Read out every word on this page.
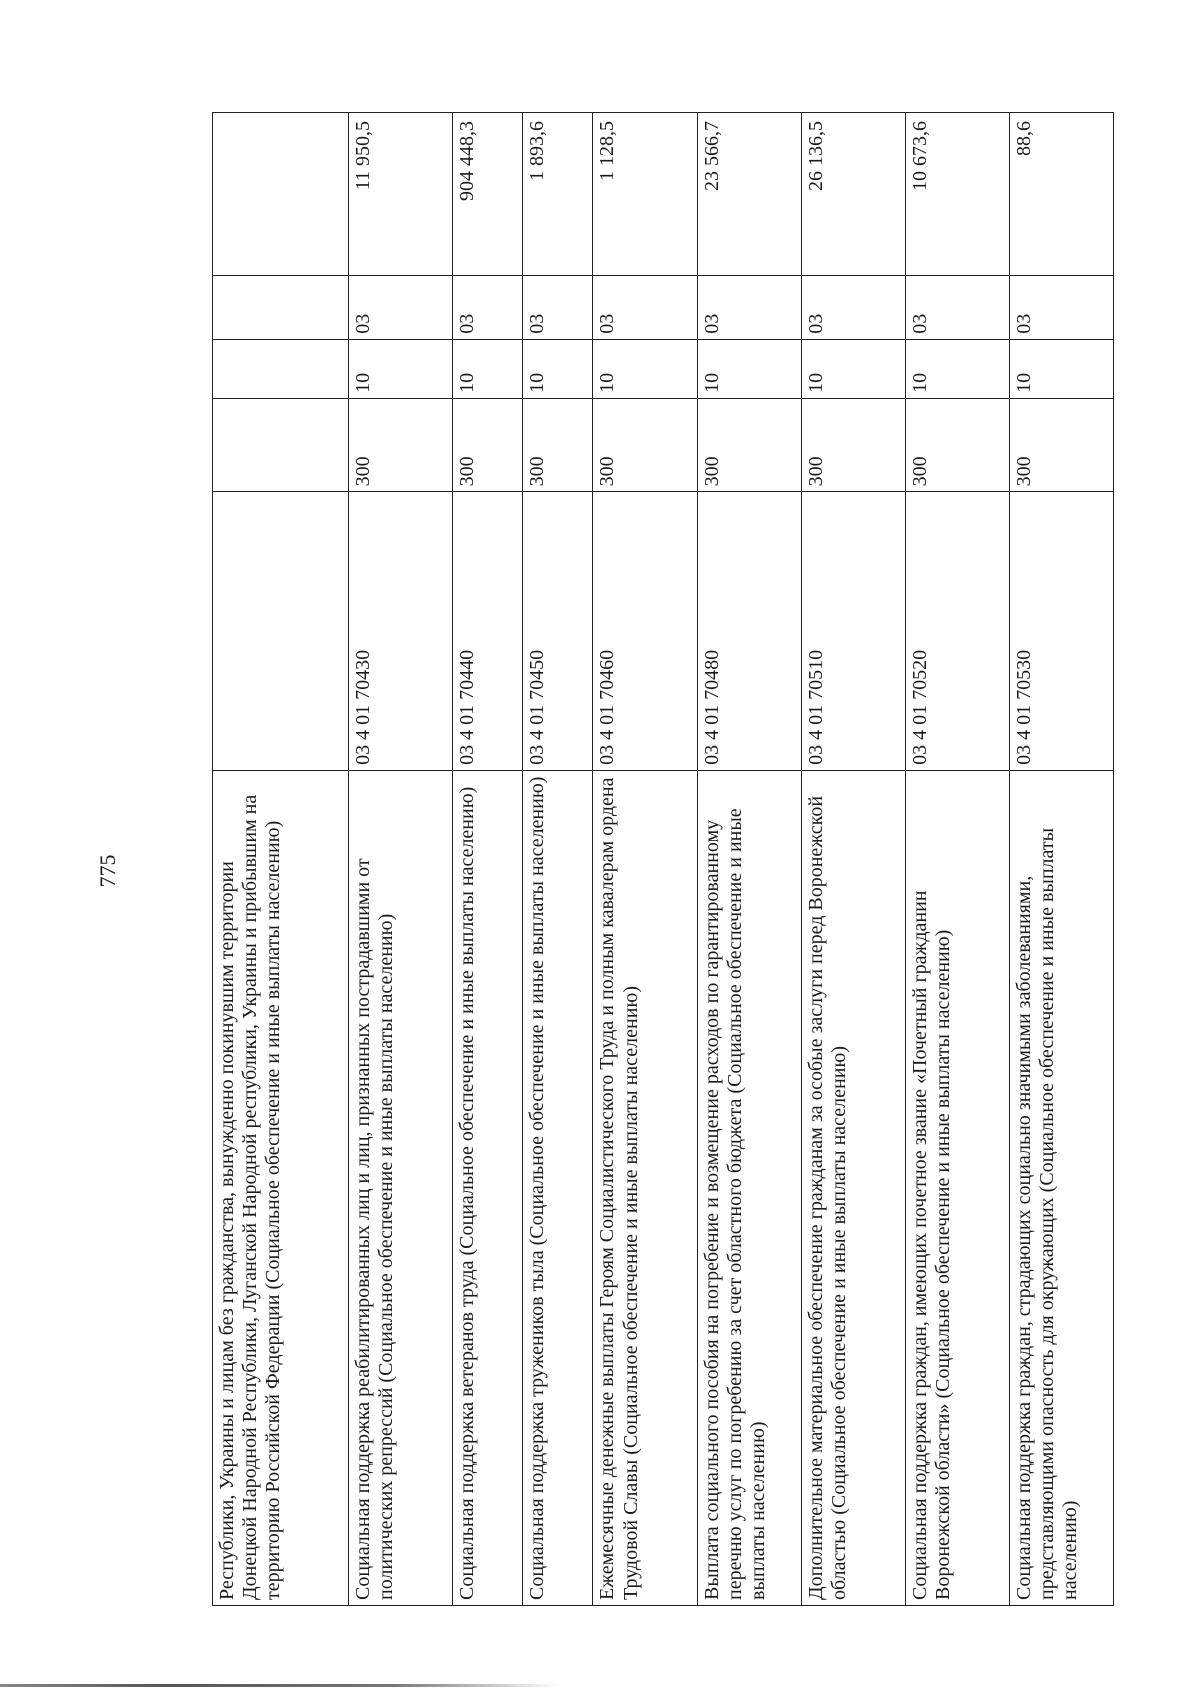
775	Республики, Украины и лицам без гражданства, вынужденно покинувшим территории Донецкой Народной Республики, Луганской Народной республики, Украины и прибывшим на территорию Российской Федерации (Социальное обеспечение и иные выплаты населению)					
Социальная поддержка реабилитированных лиц и лиц, признанных пострадавшими от политических репрессий (Социальное обеспечение и иные выплаты населению)	03 4 01 70430	300	10	03	11 950,5
Социальная поддержка ветеранов труда (Социальное обеспечение и иные выплаты населению)	03 4 01 70440	300	10	03	904 448,3
Социальная поддержка тружеников тыла (Социальное обеспечение и иные выплаты населению)	03 4 01 70450	300	10	03	1 893,6
Ежемесячные денежные выплаты Героям Социалистического Труда и полным кавалерам ордена Трудовой Славы (Социальное обеспечение и иные выплаты населению)	03 4 01 70460	300	10	03	1 128,5
Выплата социального пособия на погребение и возмещение расходов по гарантированному перечню услуг по погребению за счет областного бюджета (Социальное обеспечение и иные выплаты населению)	03 4 01 70480	300	10	03	23 566,7
Дополнительное материальное обеспечение гражданам за особые заслуги перед Воронежской областью (Социальное обеспечение и иные выплаты населению)	03 4 01 70510	300	10	03	26 136,5
Социальная поддержка граждан, имеющих почетное звание «Почетный гражданин Воронежской области» (Социальное обеспечение и иные выплаты населению)	03 4 01 70520	300	10	03	10 673,6
Социальная поддержка граждан, страдающих социально значимыми заболеваниями, представляющими опасность для окружающих (Социальное обеспечение и иные выплаты населению)	03 4 01 70530	300	10	03	88,6
